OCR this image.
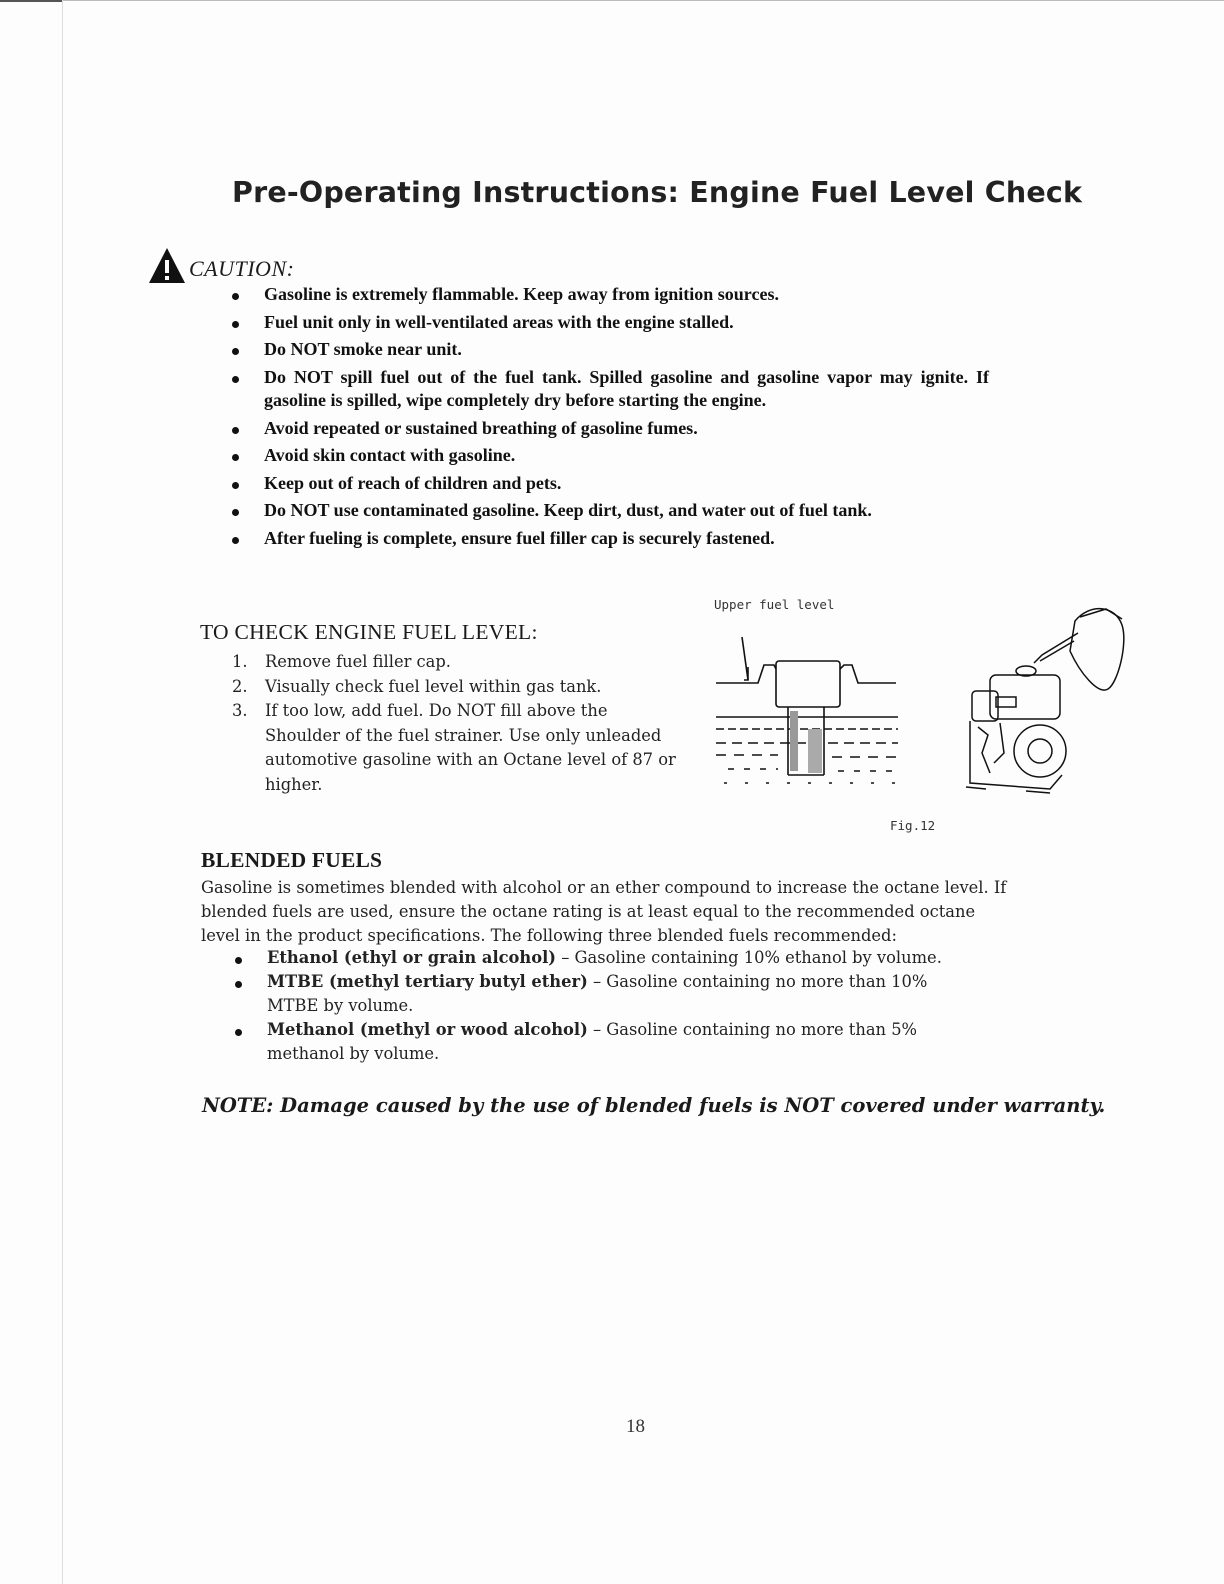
Pre-Operating Instructions: Engine Fuel Level Check
CAUTION:
Gasoline is extremely flammable. Keep away from ignition sources.
Fuel unit only in well-ventilated areas with the engine stalled.
Do NOT smoke near unit.
Do NOT spill fuel out of the fuel tank. Spilled gasoline and gasoline vapor may ignite. If gasoline is spilled, wipe completely dry before starting the engine.
Avoid repeated or sustained breathing of gasoline fumes.
Avoid skin contact with gasoline.
Keep out of reach of children and pets.
Do NOT use contaminated gasoline. Keep dirt, dust, and water out of fuel tank.
After fueling is complete, ensure fuel filler cap is securely fastened.
TO CHECK ENGINE FUEL LEVEL:
1. Remove fuel filler cap.
2. Visually check fuel level within gas tank.
3. If too low, add fuel. Do NOT fill above the Shoulder of the fuel strainer. Use only unleaded automotive gasoline with an Octane level of 87 or higher.
Upper fuel level
Fig.12
BLENDED FUELS
Gasoline is sometimes blended with alcohol or an ether compound to increase the octane level. If blended fuels are used, ensure the octane rating is at least equal to the recommended octane level in the product specifications. The following three blended fuels recommended:
Ethanol (ethyl or grain alcohol) – Gasoline containing 10% ethanol by volume.
MTBE (methyl tertiary butyl ether) – Gasoline containing no more than 10% MTBE by volume.
Methanol (methyl or wood alcohol) – Gasoline containing no more than 5% methanol by volume.
NOTE: Damage caused by the use of blended fuels is NOT covered under warranty.
18
